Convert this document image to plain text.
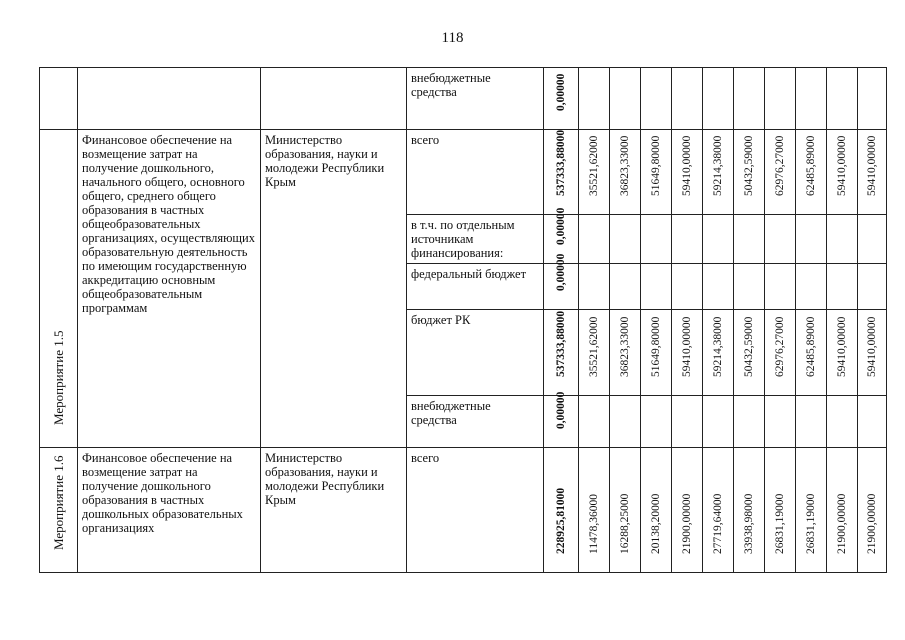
118
			внебюджетные средства	0,00000										

Мероприятие 1.5	Финансовое обеспечение на возмещение затрат на получение дошкольного, начального общего, основного общего, среднего общего образования в частных общеобразовательных организациях, осуществляющих образовательную деятельность по имеющим государственную аккредитацию основным общеобразовательным программам	Министерство образования, науки и молодежи Республики Крым	всего	537333,88000	35521,62000	36823,33000	51649,80000	59410,00000	59214,38000	50432,59000	62976,27000	62485,89000	59410,00000	59410,00000

			в т.ч. по отдельным источникам финансирования:	0,00000										

			федеральный бюджет	0,00000										

			бюджет РК	537333,88000	35521,62000	36823,33000	51649,80000	59410,00000	59214,38000	50432,59000	62976,27000	62485,89000	59410,00000	59410,00000

			внебюджетные средства	0,00000										

Мероприятие 1.6	Финансовое обеспечение на возмещение затрат на получение дошкольного образования в частных дошкольных образовательных организациях	Министерство образования, науки и молодежи Республики Крым	всего	228925,81000	11478,36000	16288,25000	20138,20000	21900,00000	27719,64000	33938,98000	26831,19000	26831,19000	21900,00000	21900,00000
